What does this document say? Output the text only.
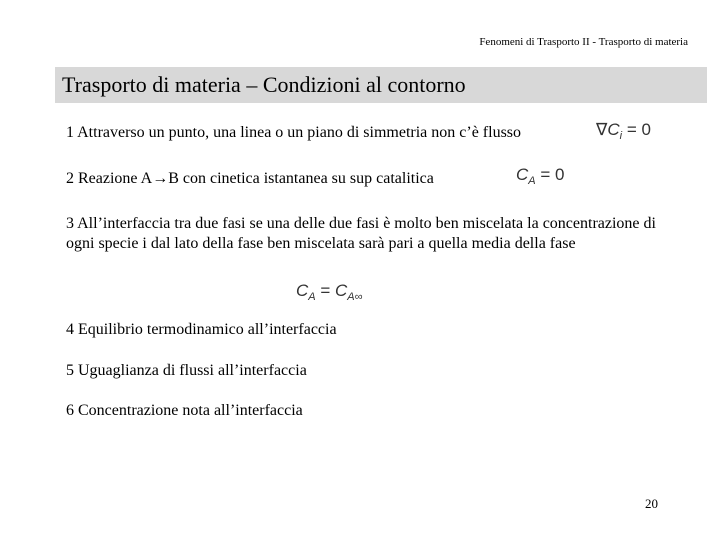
Fenomeni di Trasporto II - Trasporto di materia
Trasporto di materia – Condizioni al contorno
1 Attraverso un punto, una linea o un piano di simmetria non c’è flusso	$\nabla C_i = 0$
2 Reazione A→B con cinetica istantanea su sup catalitica	$C_A = 0$
3 All’interfaccia tra due fasi se una delle due fasi è molto ben miscelata la concentrazione di ogni specie i dal lato della fase ben miscelata sarà pari a quella media della fase
$C_A = C_{A\infty}$
4 Equilibrio termodinamico all’interfaccia
5 Uguaglianza di flussi all’interfaccia
6 Concentrazione nota all’interfaccia
20
